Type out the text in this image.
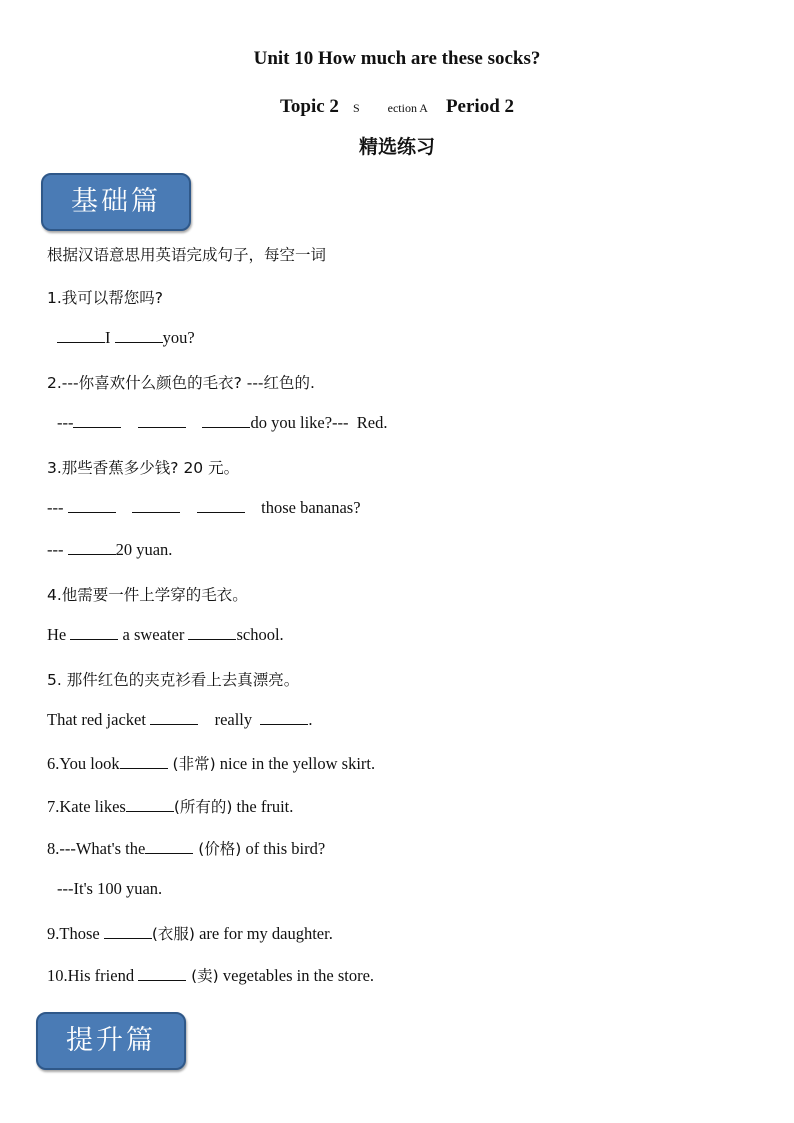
Unit 10 How much are these socks?
Topic 2 S ection A Period 2
精选练习
基础篇
根据汉语意思用英语完成句子，每空一词
1.我可以帮您吗?
I	you?
2.---你喜欢什么颜色的毛衣? ---红色的.
---	do you like?---  Red.
3.那些香蕉多少钱? 20 元。
---	those bananas?
---	20 yuan.
4.他需要一件上学穿的毛衣。
He	a sweater	school.
5. 那件红色的夹克衫看上去真漂亮。
That red jacket	really	.
6.You look	(非常) nice in the yellow skirt.
7.Kate likes	(所有的) the fruit.
8.---What's the	(价格) of this bird?
---It's 100 yuan.
9.Those	(衣服) are for my daughter.
10.His friend	(卖) vegetables in the store.
提升篇
